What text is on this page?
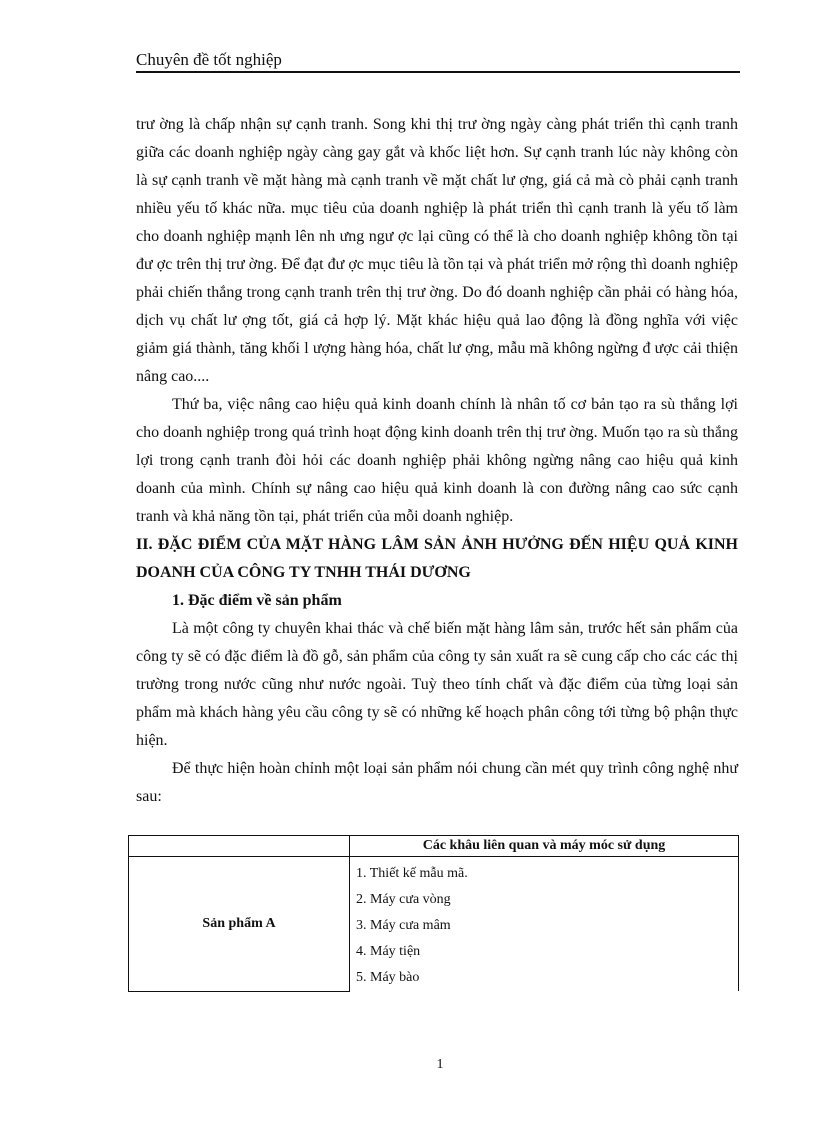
Chuyên đề tốt nghiệp

trư ờng là chấp nhận sự cạnh tranh. Song khi thị trư ờng ngày càng phát triển thì cạnh tranh giữa các doanh nghiệp ngày càng gay gắt và khốc liệt hơn. Sự cạnh tranh lúc này không còn là sự cạnh tranh về mặt hàng mà cạnh tranh về mặt chất lư ợng, giá cả mà cò phải cạnh tranh nhiều yếu tố khác nữa. mục tiêu của doanh nghiệp là phát triển thì cạnh tranh là yếu tố làm cho doanh nghiệp mạnh lên nh ưng ngư ợc lại cũng có thể là cho doanh nghiệp không tồn tại đư ợc trên thị trư ờng. Để đạt đư ợc mục tiêu là tồn tại và phát triển mở rộng thì doanh nghiệp phải chiến thắng trong cạnh tranh trên thị trư ờng. Do đó doanh nghiệp cần phải có hàng hóa, dịch vụ chất lư ợng tốt, giá cả hợp lý. Mặt khác hiệu quả lao động là đồng nghĩa với việc giảm giá thành, tăng khối l ượng hàng hóa, chất lư ợng, mẫu mã không ngừng đ ược cải thiện nâng cao....

Thứ ba, việc nâng cao hiệu quả kinh doanh chính là nhân tố cơ bản tạo ra sù thắng lợi cho doanh nghiệp trong quá trình hoạt động kinh doanh trên thị trư ờng. Muốn tạo ra sù thắng lợi trong cạnh tranh đòi hỏi các doanh nghiệp phải không ngừng nâng cao hiệu quả kinh doanh của mình. Chính sự nâng cao hiệu quả kinh doanh là con đường nâng cao sức cạnh tranh và khả năng tồn tại, phát triển của mỗi doanh nghiệp.

II. ĐẶC ĐIỂM CỦA MẶT HÀNG LÂM SẢN ẢNH HƯỞNG ĐẾN HIỆU QUẢ KINH DOANH CỦA CÔNG TY TNHH THÁI DƯƠNG

1. Đặc điểm về sản phẩm

Là một công ty chuyên khai thác và chế biến mặt hàng lâm sản, trước hết sản phẩm của công ty sẽ có đặc điểm là đồ gỗ, sản phẩm của công ty sản xuất ra sẽ cung cấp cho các các thị trường trong nước cũng như nước ngoài. Tuỳ theo tính chất và đặc điểm của từng loại sản phẩm mà khách hàng yêu cầu công ty sẽ có những kế hoạch phân công tới từng bộ phận thực hiện.

Để thực hiện hoàn chỉnh một loại sản phẩm nói chung cần mét quy trình công nghệ như sau:

	Các khâu liên quan và máy móc sử dụng
Sản phẩm A	1. Thiết kế mẫu mã.
2. Máy cưa vòng
3. Máy cưa mâm
4. Máy tiện
5. Máy bào
1
